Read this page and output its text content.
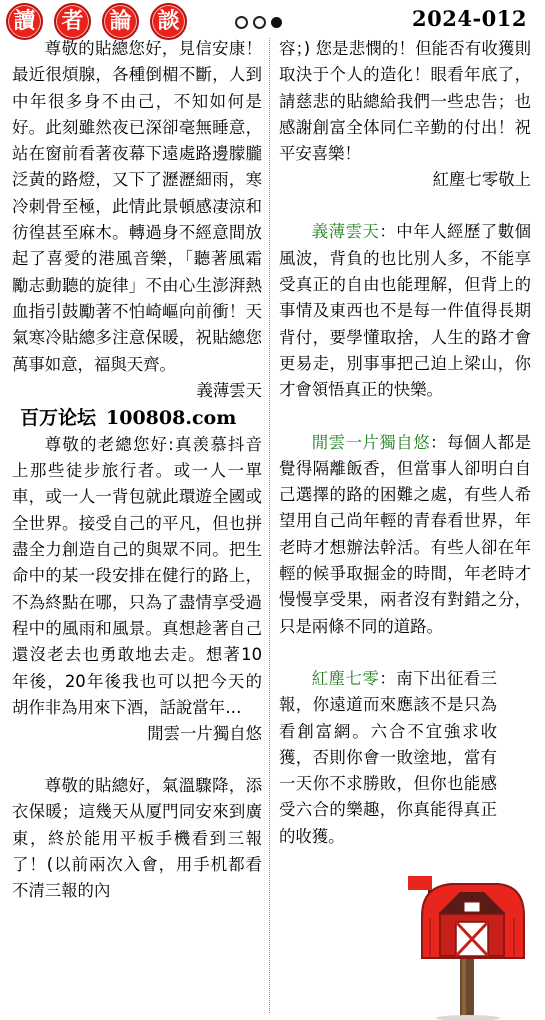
讀	者	論	談	2024-012

尊敬的貼總您好，見信安康！最近很煩腺，各種倒楣不斷，人到中年很多身不由己，不知如何是好。此刻雖然夜已深卻毫無睡意，站在窗前看著夜幕下遠處路邊朦朧泛黃的路燈，又下了瀝瀝細雨，寒冷刺骨至極，此情此景頓感凄涼和彷徨甚至麻木。轉過身不經意間放起了喜愛的港風音樂，「聽著風霜勵志動聽的旋律」不由心生澎湃熱血指引鼓勵著不怕崎嶇向前衝！天氣寒冷貼總多注意保暖，祝貼總您萬事如意，福與天齊。

義薄雲天

百万论坛 100808.com

尊敬的老總您好:真羡慕抖音上那些徒步旅行者。或一人一單車，或一人一背包就此環遊全國或全世界。接受自己的平凡，但也拼盡全力創造自己的與眾不同。把生命中的某一段安排在健行的路上，不為終點在哪，只為了盡情享受過程中的風雨和風景。真想趁著自己還沒老去也勇敢地去走。想著10年後，20年後我也可以把今天的胡作非為用來下酒，話說當年…

閒雲一片獨自悠

尊敬的貼總好，氣溫驟降，添衣保暖；這幾天从厦門同安來到廣東，終於能用平板手機看到三報了！(以前兩次入會，用手机都看不清三報的內

容；) 您是悲憫的！但能否有收獲則取決于个人的造化！眼看年底了，請慈悲的貼總給我們一些忠告；也感謝創富全体同仁辛勤的付出！祝平安喜樂！

紅塵七零敬上

義薄雲天：中年人經歷了數個風波，背負的也比別人多，不能享受真正的自由也能理解，但背上的事情及東西也不是每一件值得長期背付，要學懂取捨，人生的路才會更易走，別事事把己迫上梁山，你才會領悟真正的快樂。

閒雲一片獨自悠：每個人都是覺得隔離飯香，但當事人卻明白自己選擇的路的困難之處，有些人希望用自己尚年輕的青春看世界，年老時才想辦法幹活。有些人卻在年輕的候爭取掘金的時間，年老時才慢慢享受果，兩者沒有對錯之分，只是兩條不同的道路。

紅塵七零：南下出征看三報，你遠道而來應該不是只為看創富網。六合不宜強求收獲，否則你會一敗塗地，當有一天你不求勝敗，但你也能感受六合的樂趣，你真能得真正的收獲。
